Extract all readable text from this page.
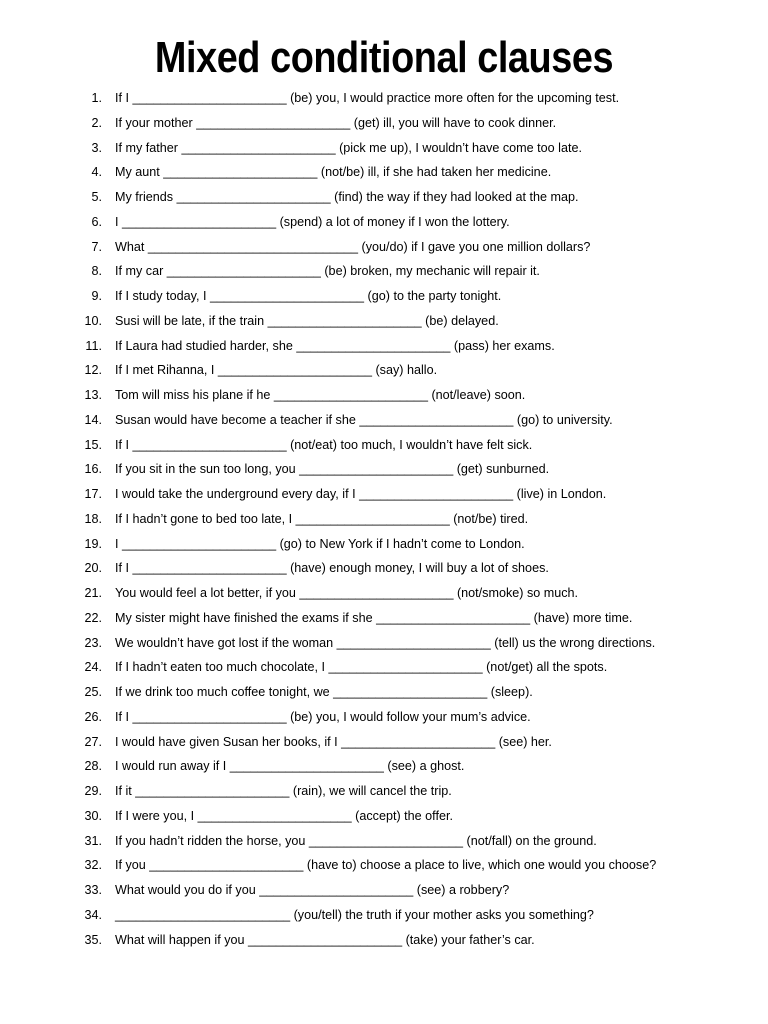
Mixed conditional clauses
1. If I ______________________ (be) you, I would practice more often for the upcoming test.
2. If your mother ______________________ (get) ill, you will have to cook dinner.
3. If my father ______________________ (pick me up), I wouldn’t have come too late.
4. My aunt ______________________ (not/be) ill, if she had taken her medicine.
5. My friends ______________________ (find) the way if they had looked at the map.
6. I ______________________ (spend) a lot of money if I won the lottery.
7. What ______________________________ (you/do) if I gave you one million dollars?
8. If my car ______________________ (be) broken, my mechanic will repair it.
9. If I study today, I ______________________ (go) to the party tonight.
10. Susi will be late, if the train ______________________ (be) delayed.
11. If Laura had studied harder, she ______________________ (pass) her exams.
12. If I met Rihanna, I ______________________ (say) hallo.
13. Tom will miss his plane if he ______________________ (not/leave) soon.
14. Susan would have become a teacher if she ______________________ (go) to university.
15. If I ______________________ (not/eat) too much, I wouldn’t have felt sick.
16. If you sit in the sun too long, you ______________________ (get) sunburned.
17. I would take the underground every day, if I ______________________ (live) in London.
18. If I hadn’t gone to bed too late, I ______________________ (not/be) tired.
19. I ______________________ (go) to New York if I hadn’t come to London.
20. If I ______________________ (have) enough money, I will buy a lot of shoes.
21. You would feel a lot better, if you ______________________ (not/smoke) so much.
22. My sister might have finished the exams if she ______________________ (have) more time.
23. We wouldn’t have got lost if the woman ______________________ (tell) us the wrong directions.
24. If I hadn’t eaten too much chocolate, I ______________________ (not/get) all the spots.
25. If we drink too much coffee tonight, we ______________________ (sleep).
26. If I ______________________ (be) you, I would follow your mum’s advice.
27. I would have given Susan her books, if I ______________________ (see) her.
28. I would run away if I ______________________ (see) a ghost.
29. If it ______________________ (rain), we will cancel the trip.
30. If I were you, I ______________________ (accept) the offer.
31. If you hadn’t ridden the horse, you ______________________ (not/fall) on the ground.
32. If you ______________________ (have to) choose a place to live, which one would you choose?
33. What would you do if you ______________________ (see) a robbery?
34. _________________________ (you/tell) the truth if your mother asks you something?
35. What will happen if you ______________________ (take) your father’s car.
